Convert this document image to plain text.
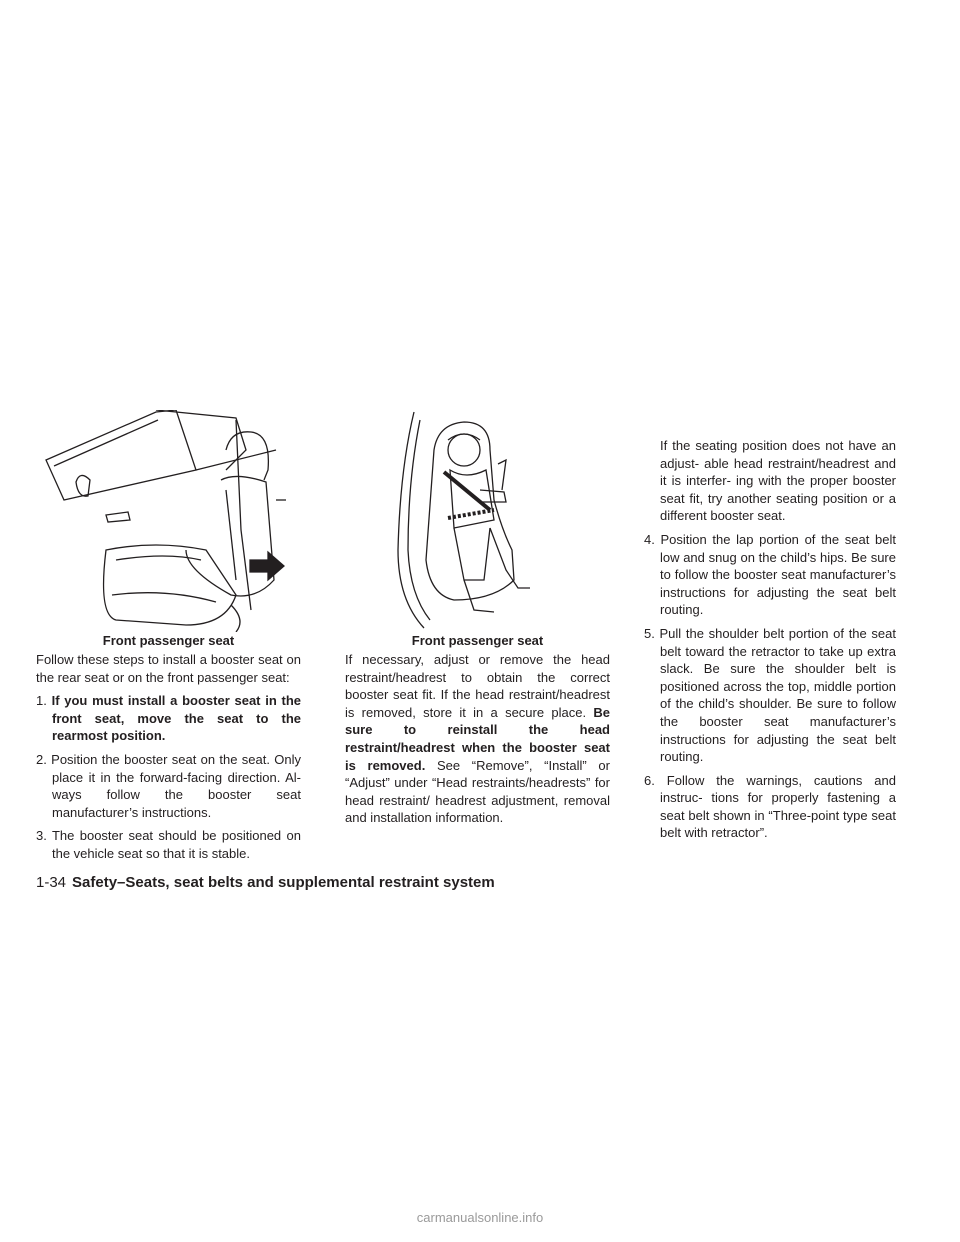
Front passenger seat	Front passenger seat

Follow these steps to install a booster seat on the rear seat or on the front passenger seat:

1. If you must install a booster seat in the front seat, move the seat to the rearmost position.
2. Position the booster seat on the seat. Only place it in the forward-facing direction. Al- ways follow the booster seat manufacturer’s instructions.
3. The booster seat should be positioned on the vehicle seat so that it is stable.

If necessary, adjust or remove the head restraint/headrest to obtain the correct booster seat fit. If the head restraint/headrest is removed, store it in a secure place. Be sure to reinstall the head restraint/headrest when the booster seat is removed. See “Remove”, “Install” or “Adjust” under “Head restraints/headrests” for head restraint/ headrest adjustment, removal and installation information.

If the seating position does not have an adjust- able head restraint/headrest and it is interfer- ing with the proper booster seat fit, try another seating position or a different booster seat.

4. Position the lap portion of the seat belt low and snug on the child’s hips. Be sure to follow the booster seat manufacturer’s instructions for adjusting the seat belt routing.
5. Pull the shoulder belt portion of the seat belt toward the retractor to take up extra slack. Be sure the shoulder belt is positioned across the top, middle portion of the child’s shoulder. Be sure to follow the booster seat manufacturer’s instructions for adjusting the seat belt routing.
6. Follow the warnings, cautions and instruc- tions for properly fastening a seat belt shown in “Three-point type seat belt with retractor”.
1-34 Safety–Seats, seat belts and supplemental restraint system
carmanualsonline.info
